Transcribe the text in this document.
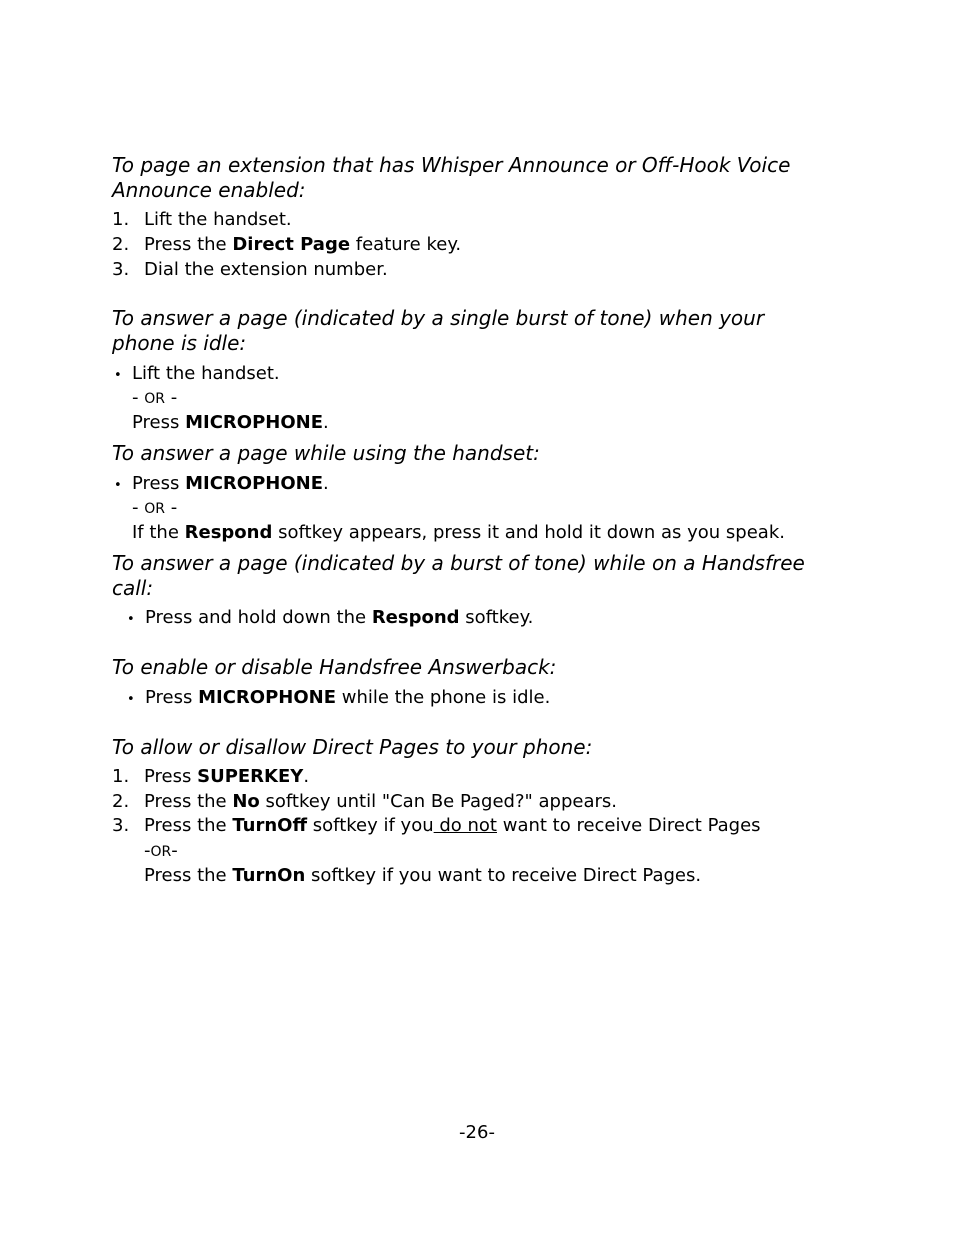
To page an extension that has Whisper Announce or Off-Hook Voice
Announce enabled:
1. Lift the handset.
2. Press the Direct Page feature key.
3. Dial the extension number.
To answer a page (indicated by a single burst of tone) when your
phone is idle:
• Lift the handset.
- OR -
Press MICROPHONE.
To answer a page while using the handset:
• Press MICROPHONE.
- OR -
If the Respond softkey appears, press it and hold it down as you speak.
To answer a page (indicated by a burst of tone) while on a Handsfree
call:
• Press and hold down the Respond softkey.
To enable or disable Handsfree Answerback:
• Press MICROPHONE while the phone is idle.
To allow or disallow Direct Pages to your phone:
1. Press SUPERKEY.
2. Press the No softkey until "Can Be Paged?" appears.
3. Press the TurnOff softkey if you do not want to receive Direct Pages
-OR-
Press the TurnOn softkey if you want to receive Direct Pages.
-26-
